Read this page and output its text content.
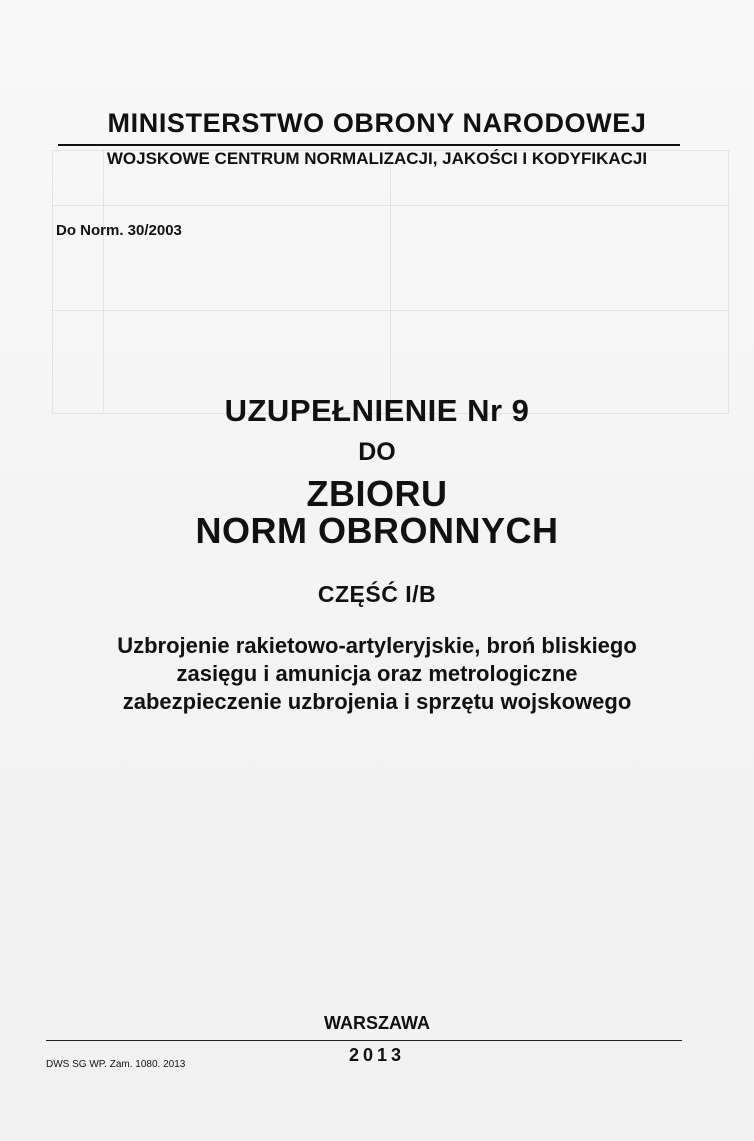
MINISTERSTWO OBRONY NARODOWEJ
WOJSKOWE CENTRUM NORMALIZACJI, JAKOŚCI I KODYFIKACJI
Do Norm. 30/2003
UZUPEŁNIENIE Nr 9
DO
ZBIORU
NORM OBRONNYCH
CZĘŚĆ I/B
Uzbrojenie rakietowo-artyleryjskie, broń bliskiego
zasięgu i amunicja oraz metrologiczne
zabezpieczenie uzbrojenia i sprzętu wojskowego
WARSZAWA
2013
DWS SG WP. Zam. 1080. 2013
